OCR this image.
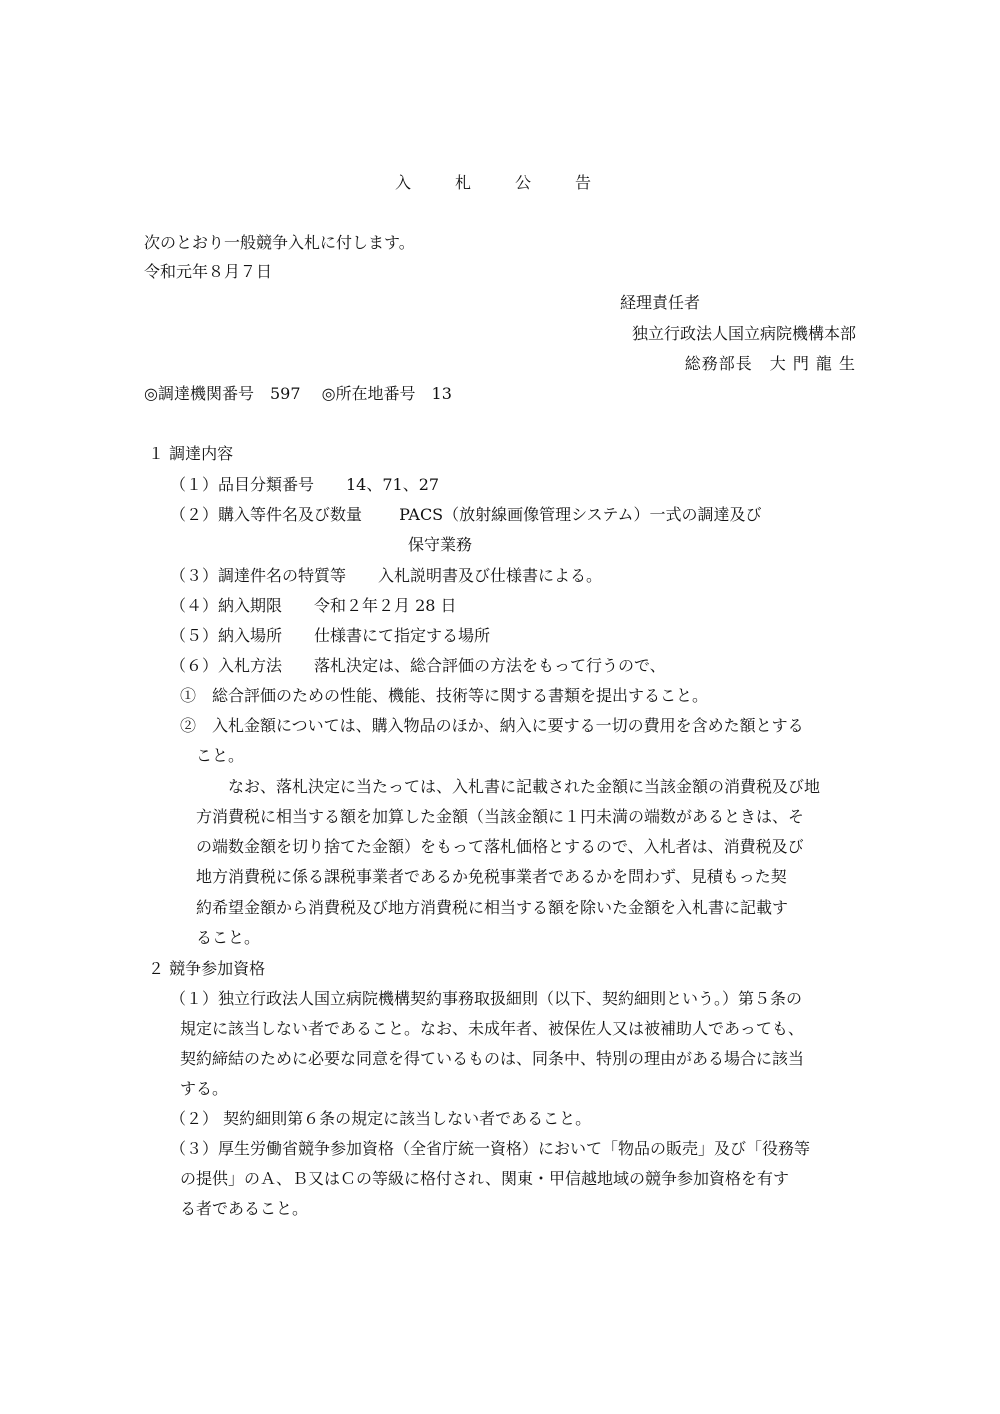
入　札　公　告
次のとおり一般競争入札に付します。
令和元年８月７日
経理責任者
独立行政法人国立病院機構本部
総務部長　大 門 龍 生
◎調達機関番号　597　 ◎所在地番号　13
１ 調達内容
（１）品目分類番号　　14、71、27
（２）購入等件名及び数量　　 PACS（放射線画像管理システム）一式の調達及び
保守業務
（３）調達件名の特質等　　入札説明書及び仕様書による。
（４）納入期限　　令和２年２月 28 日
（５）納入場所　　仕様書にて指定する場所
（６）入札方法　　落札決定は、総合評価の方法をもって行うので、
①　総合評価のための性能、機能、技術等に関する書類を提出すること。
②　入札金額については、購入物品のほか、納入に要する一切の費用を含めた額とする
こと。
なお、落札決定に当たっては、入札書に記載された金額に当該金額の消費税及び地
方消費税に相当する額を加算した金額（当該金額に１円未満の端数があるときは、そ
の端数金額を切り捨てた金額）をもって落札価格とするので、入札者は、消費税及び
地方消費税に係る課税事業者であるか免税事業者であるかを問わず、見積もった契
約希望金額から消費税及び地方消費税に相当する額を除いた金額を入札書に記載す
ること。
２ 競争参加資格
（１）独立行政法人国立病院機構契約事務取扱細則（以下、契約細則という。）第５条の
規定に該当しない者であること。なお、未成年者、被保佐人又は被補助人であっても、
契約締結のために必要な同意を得ているものは、同条中、特別の理由がある場合に該当
する。
（２） 契約細則第６条の規定に該当しない者であること。
（３）厚生労働省競争参加資格（全省庁統一資格）において「物品の販売」及び「役務等
の提供」のＡ、Ｂ又はＣの等級に格付され、関東・甲信越地域の競争参加資格を有す
る者であること。
